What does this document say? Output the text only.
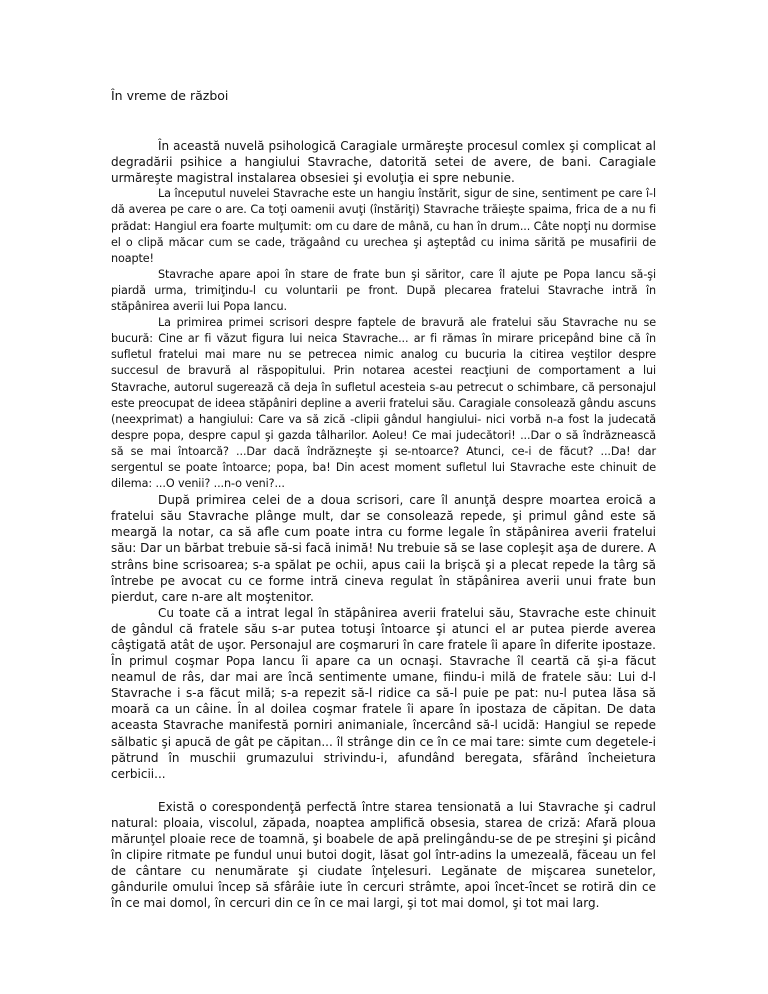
În vreme de război

În această nuvelă psihologică Caragiale urmăreşte procesul comlex şi complicat al degradării psihice a hangiului Stavrache, datorită setei de avere, de bani. Caragiale urmăreşte magistral instalarea obsesiei şi evoluţia ei spre nebunie.

La începutul nuvelei Stavrache este un hangiu înstărit, sigur de sine, sentiment pe care î-l dă averea pe care o are. Ca toţi oamenii avuţi (înstăriţi) Stavrache trăieşte spaima, frica de a nu fi prădat: Hangiul era foarte mulţumit: om cu dare de mână, cu han în drum... Câte nopţi nu dormise el o clipă măcar cum se cade, trăgaând cu urechea şi aşteptâd cu inima sărită pe musafirii de noapte!

Stavrache apare apoi în stare de frate bun şi săritor, care îl ajute pe Popa Iancu să-şi piardă urma, trimiţindu-l cu voluntarii pe front. După plecarea fratelui Stavrache intră în stăpânirea averii lui Popa Iancu.

La primirea primei scrisori despre faptele de bravură ale fratelui său Stavrache nu se bucură: Cine ar fi văzut figura lui neica Stavrache... ar fi rămas în mirare pricepând bine că în sufletul fratelui mai mare nu se petrecea nimic analog cu bucuria la citirea veştilor despre succesul de bravură al răspopitului. Prin notarea acestei reacţiuni de comportament a lui Stavrache, autorul sugerează că deja în sufletul acesteia s-au petrecut o schimbare, că personajul este preocupat de ideea stăpâniri depline a averii fratelui său. Caragiale consolează gându ascuns (neexprimat) a hangiului: Care va să zică -clipii gândul hangiului- nici vorbă n-a fost la judecată despre popa, despre capul şi gazda tâlharilor. Aoleu! Ce mai judecători! ...Dar o să îndrăznească să se mai întoarcă? ...Dar dacă îndrăzneşte şi se-ntoarce? Atunci, ce-i de făcut? ...Da! dar sergentul se poate întoarce; popa, ba! Din acest moment sufletul lui Stavrache este chinuit de dilema: ...O venii? ...n-o veni?...

După primirea celei de a doua scrisori, care îl anunţă despre moartea eroică a fratelui său Stavrache plânge mult, dar se consolează repede, şi primul gând este să meargă la notar, ca să afle cum poate intra cu forme legale în stăpânirea averii fratelui său: Dar un bărbat trebuie să-si facă inimă! Nu trebuie să se lase copleşit aşa de durere. A strâns bine scrisoarea; s-a spălat pe ochii, apus caii la brişcă şi a plecat repede la târg să întrebe pe avocat cu ce forme intră cineva regulat în stăpânirea averii unui frate bun pierdut, care n-are alt moştenitor.

Cu toate că a intrat legal în stăpânirea averii fratelui său, Stavrache este chinuit de gândul că fratele său s-ar putea totuşi întoarce şi atunci el ar putea pierde averea câştigată atât de uşor. Personajul are coşmaruri în care fratele îi apare în diferite ipostaze. În primul coşmar Popa Iancu îi apare ca un ocnaşi. Stavrache îl ceartă că şi-a făcut neamul de râs, dar mai are încă sentimente umane, fiindu-i milă de fratele său: Lui d-l Stavrache i s-a făcut milă; s-a repezit să-l ridice ca să-l puie pe pat: nu-l putea lăsa să moară ca un câine. În al doilea coşmar fratele îi apare în ipostaza de căpitan. De data aceasta Stavrache manifestă porniri animaniale, încercând să-l ucidă: Hangiul se repede sălbatic şi apucă de gât pe căpitan... îl strânge din ce în ce mai tare: simte cum degetele-i pătrund în muschii grumazului strivindu-i, afundând beregata, sfărând încheietura cerbicii...

Există o corespondenţă perfectă între starea tensionată a lui Stavrache şi cadrul natural: ploaia, viscolul, zăpada, noaptea amplifică obsesia, starea de criză: Afară ploua mărunţel ploaie rece de toamnă, şi boabele de apă prelingându-se de pe streşini şi picând în clipire ritmate pe fundul unui butoi dogit, lăsat gol într-adins la umezeală, făceau un fel de cântare cu nenumărate şi ciudate înţelesuri. Legănate de mişcarea sunetelor, gândurile omului încep să sfârâie iute în cercuri strâmte, apoi încet-încet se rotiră din ce în ce mai domol, în cercuri din ce în ce mai largi, şi tot mai domol, şi tot mai larg.
